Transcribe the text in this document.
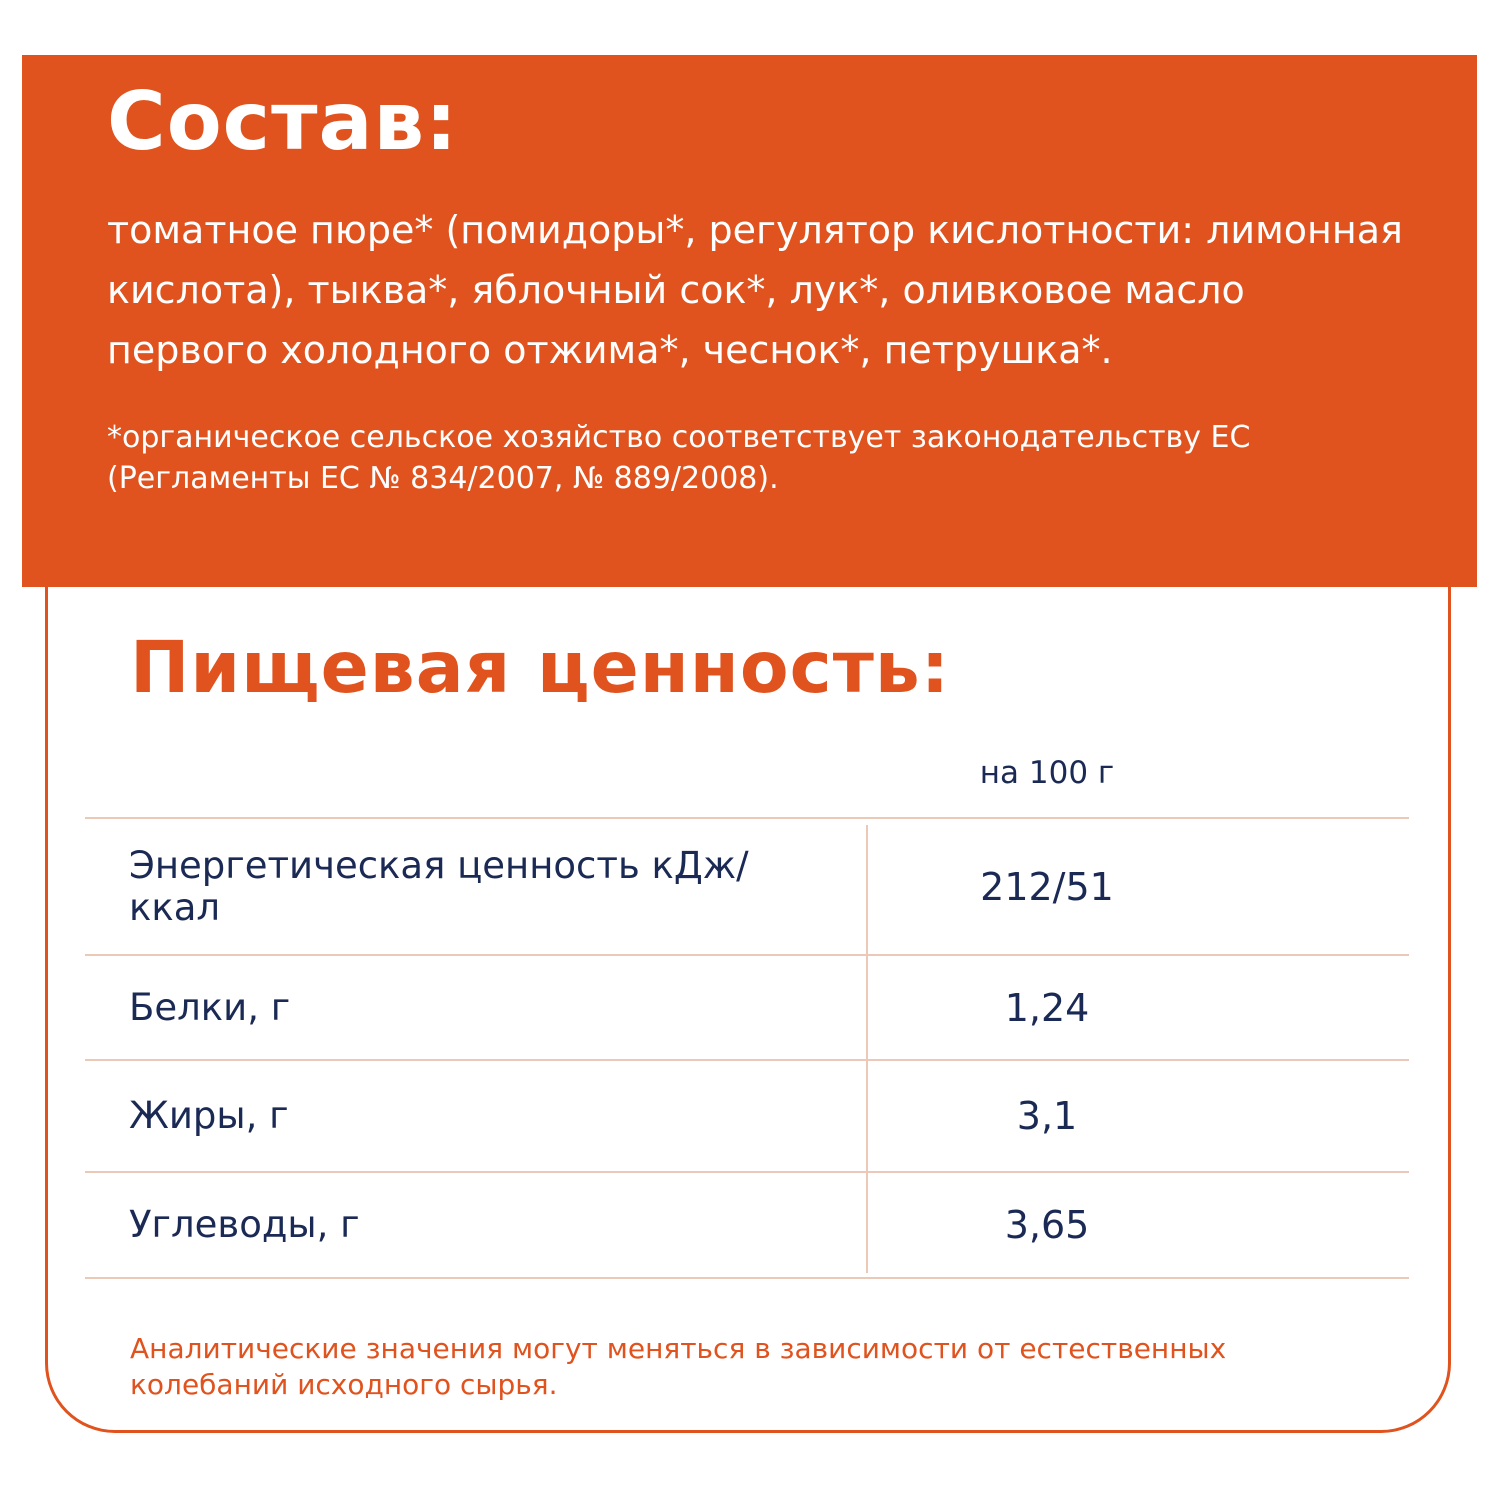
Состав:

томатное пюре* (помидоры*, регулятор кислотности: лимонная кислота), тыква*, яблочный сок*, лук*, оливковое масло первого холодного отжима*, чеснок*, петрушка*.

*органическое сельское хозяйство соответствует законодательству ЕС (Регламенты ЕС № 834/2007, № 889/2008).

Пищевая ценность:
на 100 г
Энергетическая ценность кДж/ккал	212/51
Белки, г	1,24
Жиры, г	3,1
Углеводы, г	3,65

Аналитические значения могут меняться в зависимости от естественных колебаний исходного сырья.
